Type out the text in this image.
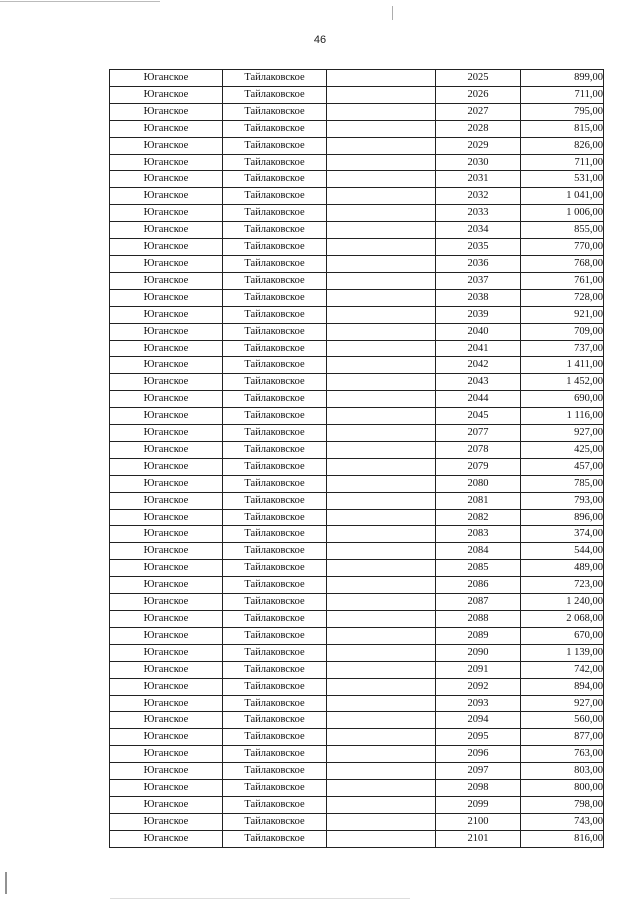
46
Юганское	Тайлаковское		2025	899,00
Юганское	Тайлаковское		2026	711,00
Юганское	Тайлаковское		2027	795,00
Юганское	Тайлаковское		2028	815,00
Юганское	Тайлаковское		2029	826,00
Юганское	Тайлаковское		2030	711,00
Юганское	Тайлаковское		2031	531,00
Юганское	Тайлаковское		2032	1 041,00
Юганское	Тайлаковское		2033	1 006,00
Юганское	Тайлаковское		2034	855,00
Юганское	Тайлаковское		2035	770,00
Юганское	Тайлаковское		2036	768,00
Юганское	Тайлаковское		2037	761,00
Юганское	Тайлаковское		2038	728,00
Юганское	Тайлаковское		2039	921,00
Юганское	Тайлаковское		2040	709,00
Юганское	Тайлаковское		2041	737,00
Юганское	Тайлаковское		2042	1 411,00
Юганское	Тайлаковское		2043	1 452,00
Юганское	Тайлаковское		2044	690,00
Юганское	Тайлаковское		2045	1 116,00
Юганское	Тайлаковское		2077	927,00
Юганское	Тайлаковское		2078	425,00
Юганское	Тайлаковское		2079	457,00
Юганское	Тайлаковское		2080	785,00
Юганское	Тайлаковское		2081	793,00
Юганское	Тайлаковское		2082	896,00
Юганское	Тайлаковское		2083	374,00
Юганское	Тайлаковское		2084	544,00
Юганское	Тайлаковское		2085	489,00
Юганское	Тайлаковское		2086	723,00
Юганское	Тайлаковское		2087	1 240,00
Юганское	Тайлаковское		2088	2 068,00
Юганское	Тайлаковское		2089	670,00
Юганское	Тайлаковское		2090	1 139,00
Юганское	Тайлаковское		2091	742,00
Юганское	Тайлаковское		2092	894,00
Юганское	Тайлаковское		2093	927,00
Юганское	Тайлаковское		2094	560,00
Юганское	Тайлаковское		2095	877,00
Юганское	Тайлаковское		2096	763,00
Юганское	Тайлаковское		2097	803,00
Юганское	Тайлаковское		2098	800,00
Юганское	Тайлаковское		2099	798,00
Юганское	Тайлаковское		2100	743,00
Юганское	Тайлаковское		2101	816,00
